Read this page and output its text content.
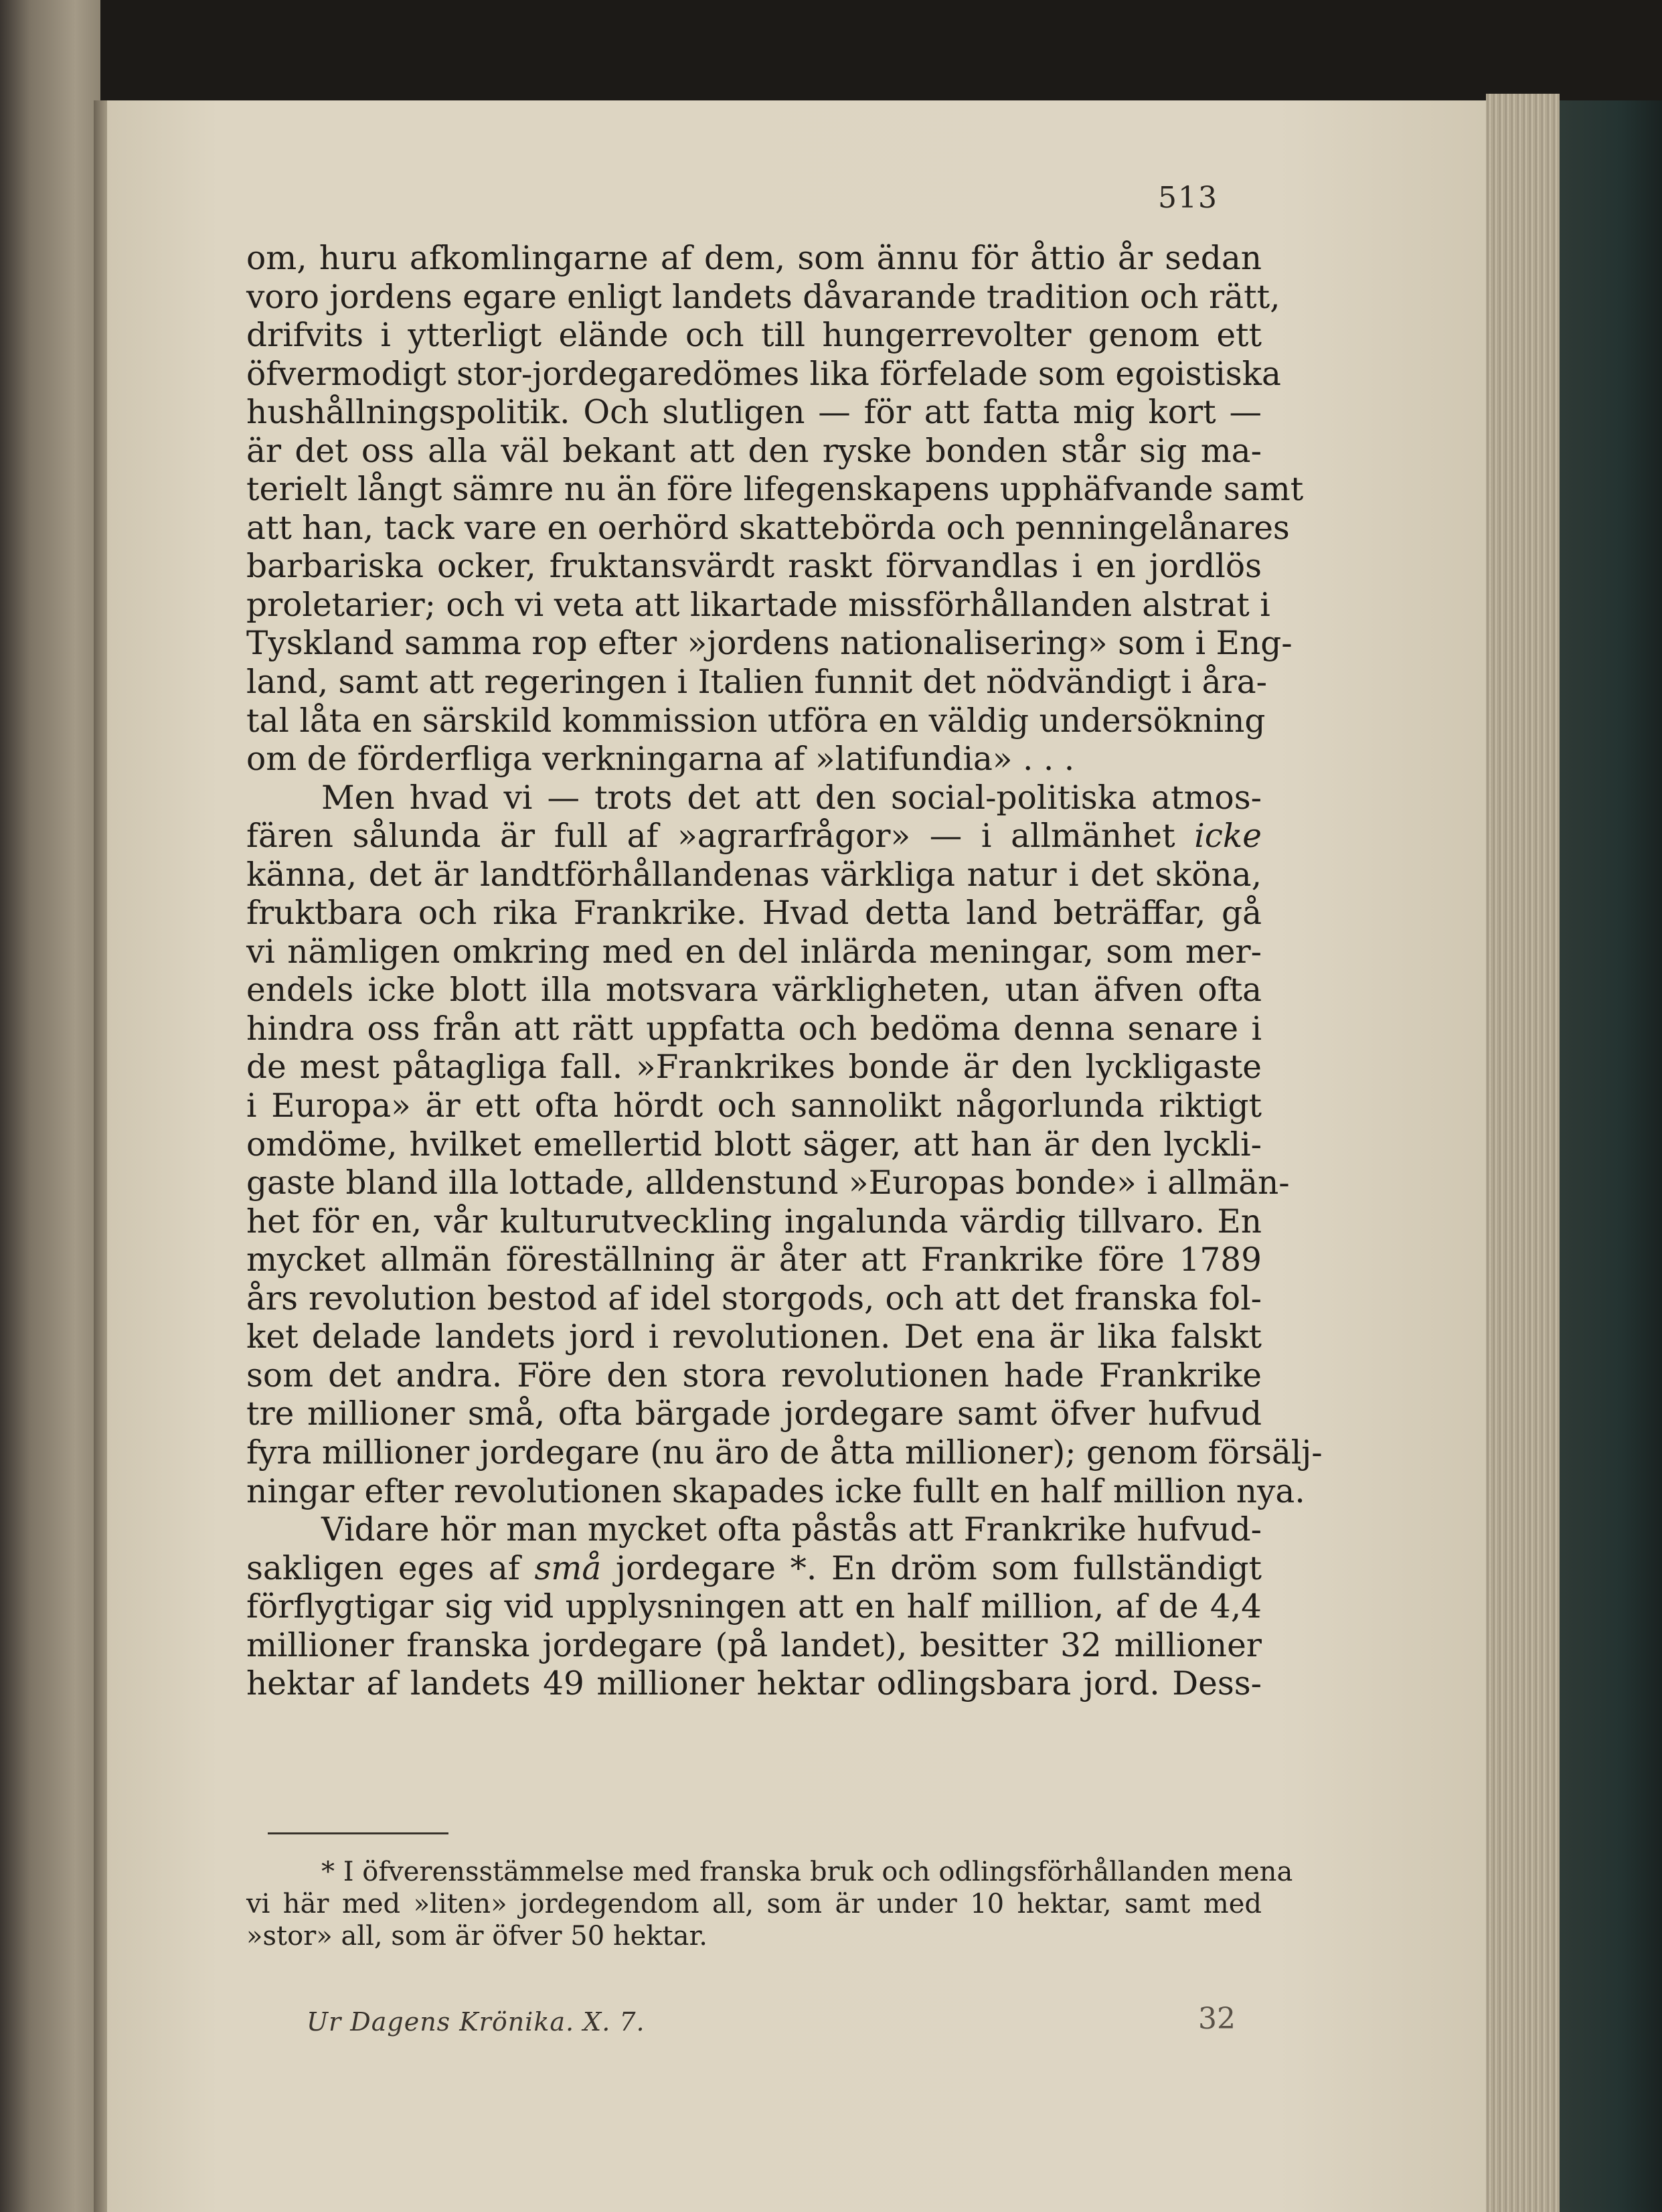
513
om, huru afkomlingarne af dem, som ännu för åttio år sedan
voro jordens egare enligt landets dåvarande tradition och rätt,
drifvits i ytterligt elände och till hungerrevolter genom ett
öfvermodigt stor-jordegaredömes lika förfelade som egoistiska
hushållningspolitik. Och slutligen — för att fatta mig kort —
är det oss alla väl bekant att den ryske bonden står sig ma-
terielt långt sämre nu än före lifegenskapens upphäfvande samt
att han, tack vare en oerhörd skattebörda och penningelånares
barbariska ocker, fruktansvärdt raskt förvandlas i en jordlös
proletarier; och vi veta att likartade missförhållanden alstrat i
Tyskland samma rop efter »jordens nationalisering» som i Eng-
land, samt att regeringen i Italien funnit det nödvändigt i åra-
tal låta en särskild kommission utföra en väldig undersökning
om de förderfliga verkningarna af »latifundia» . . .
Men hvad vi — trots det att den social-politiska atmos-
fären sålunda är full af »agrarfrågor» — i allmänhet icke
känna, det är landtförhållandenas värkliga natur i det sköna,
fruktbara och rika Frankrike. Hvad detta land beträffar, gå
vi nämligen omkring med en del inlärda meningar, som mer-
endels icke blott illa motsvara värkligheten, utan äfven ofta
hindra oss från att rätt uppfatta och bedöma denna senare i
de mest påtagliga fall. »Frankrikes bonde är den lyckligaste
i Europa» är ett ofta hördt och sannolikt någorlunda riktigt
omdöme, hvilket emellertid blott säger, att han är den lyckli-
gaste bland illa lottade, alldenstund »Europas bonde» i allmän-
het för en, vår kulturutveckling ingalunda värdig tillvaro. En
mycket allmän föreställning är åter att Frankrike före 1789
års revolution bestod af idel storgods, och att det franska fol-
ket delade landets jord i revolutionen. Det ena är lika falskt
som det andra. Före den stora revolutionen hade Frankrike
tre millioner små, ofta bärgade jordegare samt öfver hufvud
fyra millioner jordegare (nu äro de åtta millioner); genom försälj-
ningar efter revolutionen skapades icke fullt en half million nya.
Vidare hör man mycket ofta påstås att Frankrike hufvud-
sakligen eges af små jordegare *. En dröm som fullständigt
förflygtigar sig vid upplysningen att en half million, af de 4,4
millioner franska jordegare (på landet), besitter 32 millioner
hektar af landets 49 millioner hektar odlingsbara jord. Dess-
* I öfverensstämmelse med franska bruk och odlingsförhållanden mena
vi här med »liten» jordegendom all, som är under 10 hektar, samt med
»stor» all, som är öfver 50 hektar.
Ur Dagens Krönika. X. 7.	32
